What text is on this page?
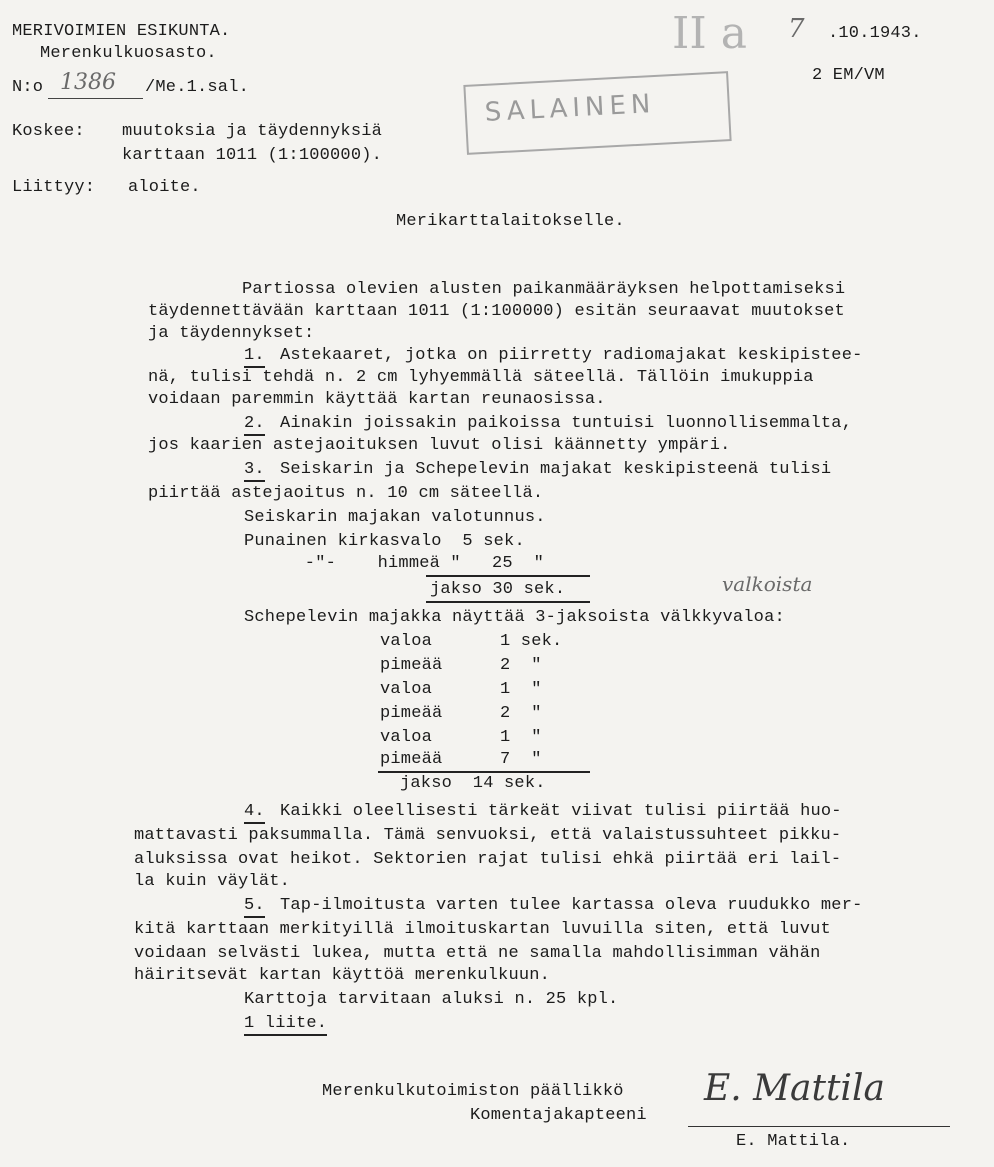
MERIVOIMIEN ESIKUNTA.
Merenkulkuosasto.
N:o 1386 /Me.1.sal.
II a 7 .10.1943.
2 EM/VM
SALAINEN
Koskee: muutoksia ja täydennyksiä
karttaan 1011 (1:100000).
Liittyy: aloite.
Merikarttalaitokselle.
Partiossa olevien alusten paikanmääräyksen helpottamiseksi
täydennettävään karttaan 1011 (1:100000) esitän seuraavat muutokset
ja täydennykset:
1. Astekaaret, jotka on piirretty radiomajakat keskipistee-
nä, tulisi tehdä n. 2 cm lyhyemmällä säteellä. Tällöin imukuppia
voidaan paremmin käyttää kartan reunaosissa.
2. Ainakin joissakin paikoissa tuntuisi luonnollisemmalta,
jos kaarien astejaoituksen luvut olisi käännetty ympäri.
3. Seiskarin ja Schepelevin majakat keskipisteenä tulisi
piirtää astejaoitus n. 10 cm säteellä.
Seiskarin majakan valotunnus.
Punainen kirkasvalo  5 sek.
-"-    himmeä "   25  "
jakso 30 sek.	valkoista
Schepelevin majakka näyttää 3-jaksoista välkkyvaloa:
valoa	1 sek.
pimeää	2  "
valoa	1  "
pimeää	2  "
valoa	1  "
pimeää	7  "
jakso  14 sek.
4. Kaikki oleellisesti tärkeät viivat tulisi piirtää huo-
mattavasti paksummalla. Tämä senvuoksi, että valaistussuhteet pikku-
aluksissa ovat heikot. Sektorien rajat tulisi ehkä piirtää eri lail-
la kuin väylät.
5. Tap-ilmoitusta varten tulee kartassa oleva ruudukko mer-
kitä karttaan merkityillä ilmoituskartan luvuilla siten, että luvut
voidaan selvästi lukea, mutta että ne samalla mahdollisimman vähän
häiritsevät kartan käyttöä merenkulkuun.
Karttoja tarvitaan aluksi n. 25 kpl.
1 liite.
Merenkulkutoimiston päällikkö
Komentajakapteeni
E. Mattila
E. Mattila.
